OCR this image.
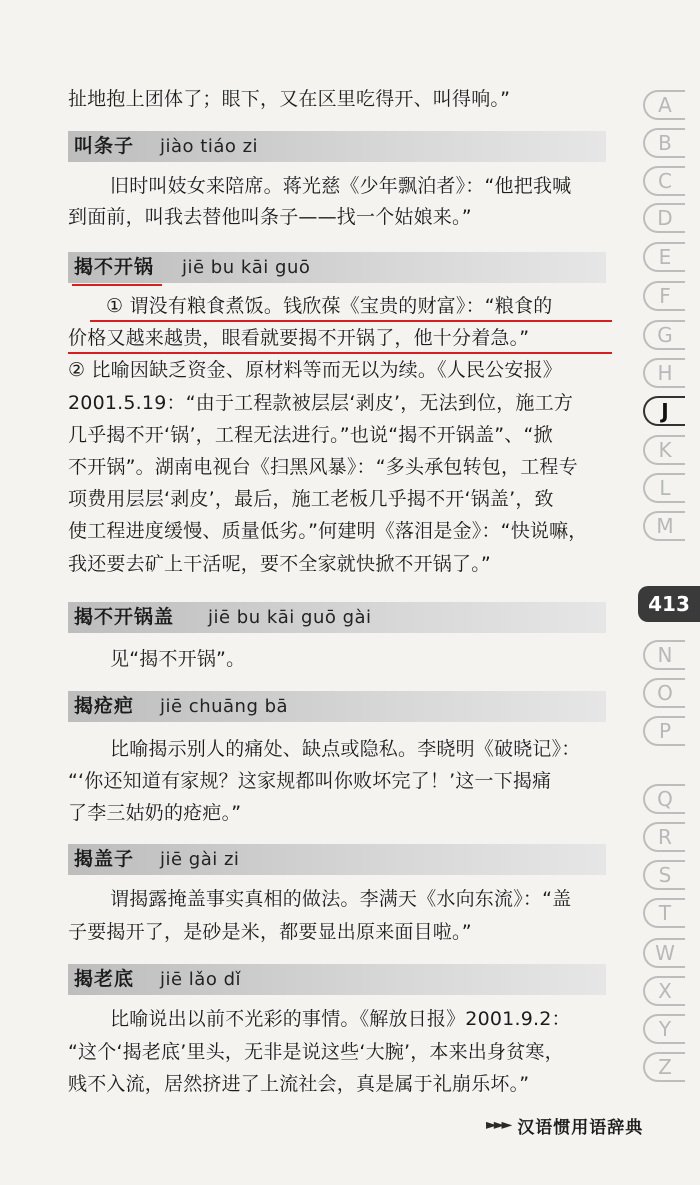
扯地抱上团体了；眼下，又在区里吃得开、叫得响。”
叫条子 jiào tiáo zi
旧时叫妓女来陪席。蒋光慈《少年飘泊者》：“他把我喊
到面前，叫我去替他叫条子——找一个姑娘来。”
揭不开锅 jiē bu kāi guō
① 谓没有粮食煮饭。钱欣葆《宝贵的财富》：“粮食的
价格又越来越贵，眼看就要揭不开锅了，他十分着急。”
② 比喻因缺乏资金、原材料等而无以为续。《人民公安报》
2001.5.19：“由于工程款被层层‘剥皮’，无法到位，施工方
几乎揭不开‘锅’，工程无法进行。”也说“揭不开锅盖”、“掀
不开锅”。湖南电视台《扫黑风暴》：“多头承包转包，工程专
项费用层层‘剥皮’，最后，施工老板几乎揭不开‘锅盖’，致
使工程进度缓慢、质量低劣。”何建明《落泪是金》：“快说嘛，
我还要去矿上干活呢，要不全家就快掀不开锅了。”
揭不开锅盖 jiē bu kāi guō gài
见“揭不开锅”。
揭疮疤 jiē chuāng bā
比喻揭示别人的痛处、缺点或隐私。李晓明《破晓记》：
“‘你还知道有家规？这家规都叫你败坏完了！’这一下揭痛
了李三姑奶的疮疤。”
揭盖子 jiē gài zi
谓揭露掩盖事实真相的做法。李满天《水向东流》：“盖
子要揭开了，是砂是米，都要显出原来面目啦。”
揭老底 jiē lǎo dǐ
比喻说出以前不光彩的事情。《解放日报》2001.9.2：
“这个‘揭老底’里头，无非是说这些‘大腕’，本来出身贫寒，
贱不入流，居然挤进了上流社会，真是属于礼崩乐坏。”
A
B
C
D
E
F
G
H
J
K
L
M
413
N
O
P
Q
R
S
T
W
X
Y
Z
►►► 汉语惯用语辞典
